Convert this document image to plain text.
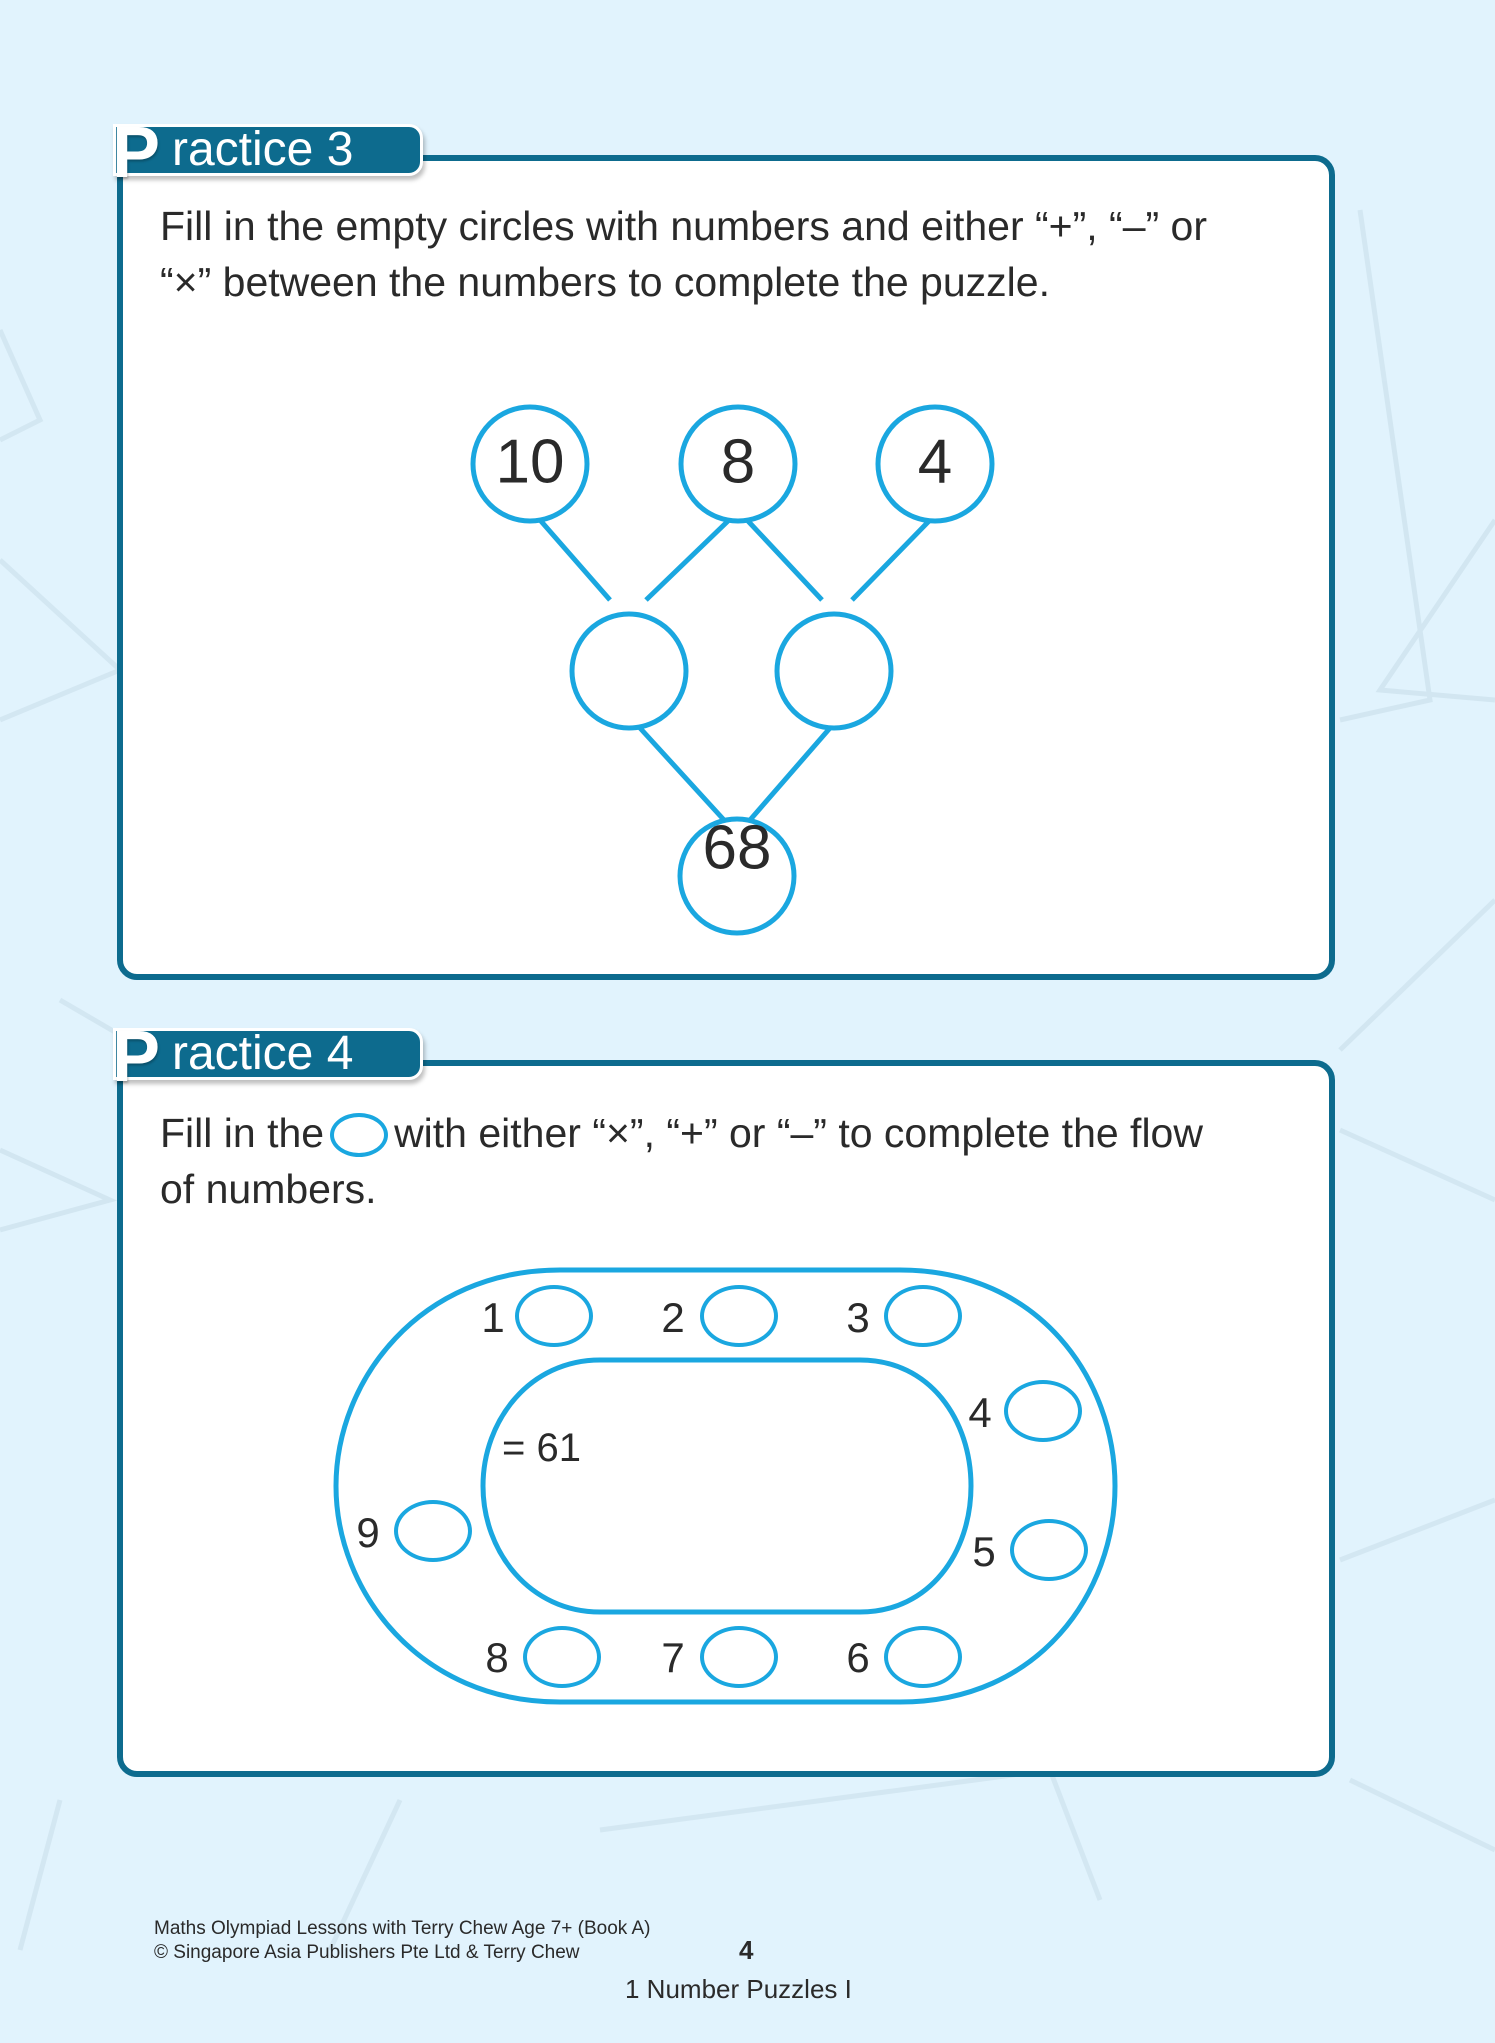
P ractice 3
Fill in the empty circles with numbers and either “+”, “–” or
“×” between the numbers to complete the puzzle.
10	8	4
68
P ractice 4
Fill in the with either “×”, “+” or “–” to complete the flow
of numbers.
1	2	3
4
5
6
7
8
9
= 61
Maths Olympiad Lessons with Terry Chew Age 7+ (Book A)
© Singapore Asia Publishers Pte Ltd & Terry Chew	4
1 Number Puzzles I
